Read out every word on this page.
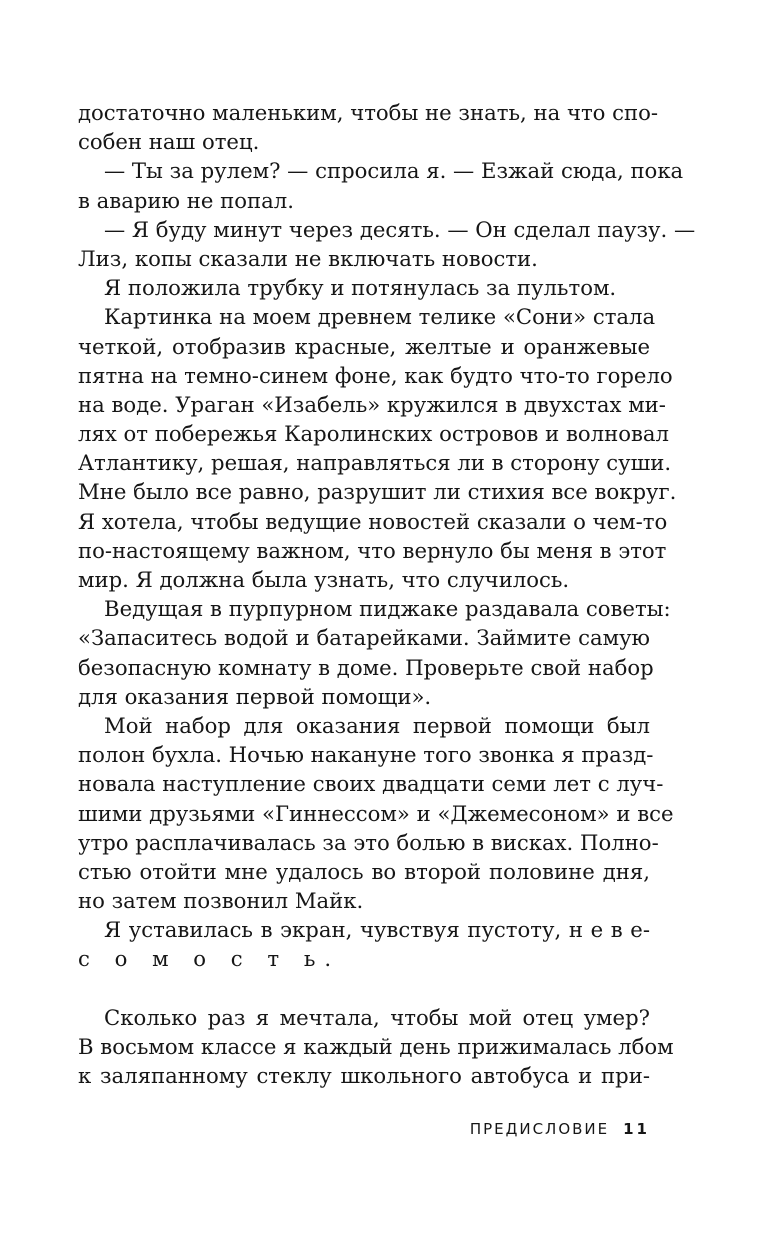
достаточно маленьким, чтобы не знать, на что спо-
собен наш отец.
— Ты за рулем? — спросила я. — Езжай сюда, пока
в аварию не попал.
— Я буду минут через десять. — Он сделал паузу. —
Лиз, копы сказали не включать новости.
Я положила трубку и потянулась за пультом.
Картинка на моем древнем телике «Сони» стала
четкой, отобразив красные, желтые и оранжевые
пятна на темно-синем фоне, как будто что-то горело
на воде. Ураган «Изабель» кружился в двухстах ми-
лях от побережья Каролинских островов и волновал
Атлантику, решая, направляться ли в сторону суши.
Мне было все равно, разрушит ли стихия все вокруг.
Я хотела, чтобы ведущие новостей сказали о чем-то
по-настоящему важном, что вернуло бы меня в этот
мир. Я должна была узнать, что случилось.
Ведущая в пурпурном пиджаке раздавала советы:
«Запаситесь водой и батарейками. Займите самую
безопасную комнату в доме. Проверьте свой набор
для оказания первой помощи».
Мой набор для оказания первой помощи был
полон бухла. Ночью накануне того звонка я празд-
новала наступление своих двадцати семи лет с луч-
шими друзьями «Гиннессом» и «Джемесоном» и все
утро расплачивалась за это болью в висках. Полно-
стью отойти мне удалось во второй половине дня,
но затем позвонил Майк.
Я уставилась в экран, чувствуя пустоту, н е в е-
с о м о с т ь.
Сколько раз я мечтала, чтобы мой отец умер?
В восьмом классе я каждый день прижималась лбом
к заляпанному стеклу школьного автобуса и при-
ПРЕДИСЛОВИЕ 11
